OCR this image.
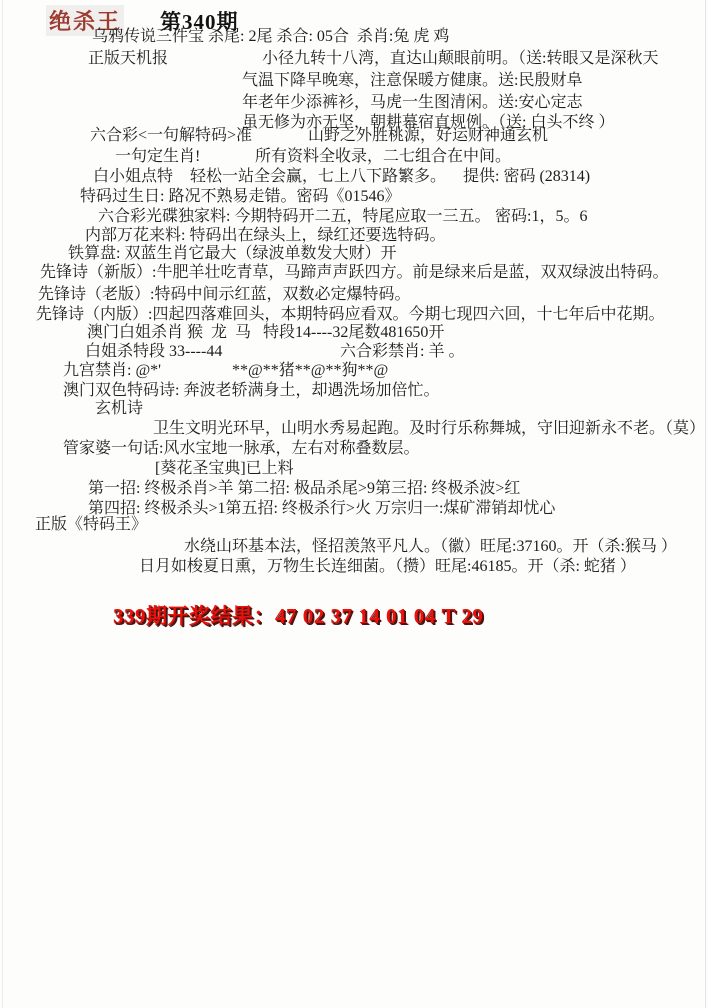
绝杀王 第340期
乌鸦传说三件宝 杀尾: 2尾 杀合: 05合  杀肖:兔 虎 鸡
正版天机报	小径九转十八湾，直达山颠眼前明。（送:转眼又是深秋天
气温下降早晚寒，注意保暖方健康。送:民殷财阜
年老年少添裤衫，马虎一生图清闲。送:安心定志
虽无修为亦无坚，朝耕幕宿直规例。（送: 白头不终 ）
六合彩<一句解特码>准	山野之外胜桃源，好运财神通玄机
一句定生肖!	所有资料全收录，二七组合在中间。
白小姐点特 轻松一站全会赢，七上八下路繁多。 提供: 密码 (28314)
特码过生日: 路况不熟易走错。密码《01546》
六合彩光碟独家料: 今期特码开二五，特尾应取一三五。 密码:1，5。6
内部万花来料: 特码出在绿头上，绿红还要选特码。
铁算盘: 双蓝生肖它最大（绿波单数发大财）开
先锋诗（新版）:牛肥羊壮吃青草，马蹄声声跃四方。前是绿来后是蓝，双双绿波出特码。
先锋诗（老版）:特码中间示红蓝，双数必定爆特码。
先锋诗（内版）:四起四落难回头，本期特码应看双。今期七现四六回，十七年后中花期。
澳门白姐杀肖 猴  龙  马 特段14----32尾数481650开
白姐杀特段 33----44	六合彩禁肖: 羊 。
九宫禁肖: @*'	**@**猪**@**狗**@
澳门双色特码诗: 奔波老轿满身土，却遇洗场加倍忙。
玄机诗
卫生文明光环早，山明水秀易起跑。及时行乐称舞城，守旧迎新永不老。（莫）
管家婆一句话:风水宝地一脉承，左右对称叠数层。
[葵花圣宝典]已上料
第一招: 终极杀肖>羊 第二招: 极品杀尾>9第三招: 终极杀波>红
第四招: 终极杀头>1第五招: 终极杀行>火 万宗归一:煤矿滞销却忧心
正版《特码王》
水绕山环基本法，怪招羡煞平凡人。（徽）旺尾:37160。开（杀:猴马 ）
日月如梭夏日熏，万物生长连细菌。（攒）旺尾:46185。开（杀: 蛇猪 ）
339期开奖结果：47 02 37 14 01 04 T 29
